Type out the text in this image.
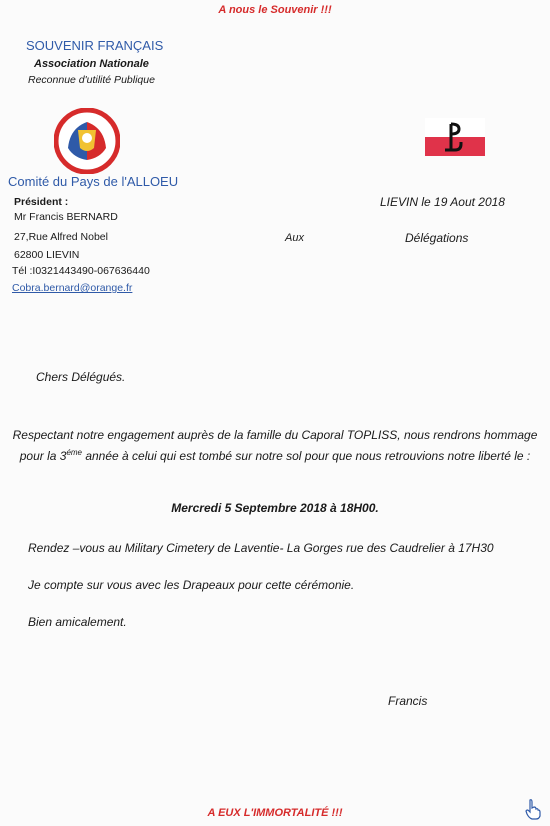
A nous le Souvenir !!!
SOUVENIR FRANÇAIS
Association Nationale
Reconnue d'utilité Publique
Comité du Pays de l'ALLOEU
Président :
Mr Francis BERNARD
27,Rue Alfred Nobel
62800 LIEVIN
Tél :I0321443490-067636440
Cobra.bernard@orange.fr
LIEVIN le 19 Aout 2018
Aux	Délégations
Chers Délégués.
Respectant notre engagement auprès de la famille du Caporal TOPLISS, nous rendrons hommage pour la $3^{éme}$ année à celui qui est tombé sur notre sol pour que nous retrouvions notre liberté le :
Mercredi 5 Septembre 2018 à 18H00.
Rendez –vous au Military Cimetery de Laventie- La Gorges rue des Caudrelier à 17H30
Je compte sur vous avec les Drapeaux pour cette cérémonie.
Bien amicalement.
Francis
A EUX L'IMMORTALITÉ !!!
